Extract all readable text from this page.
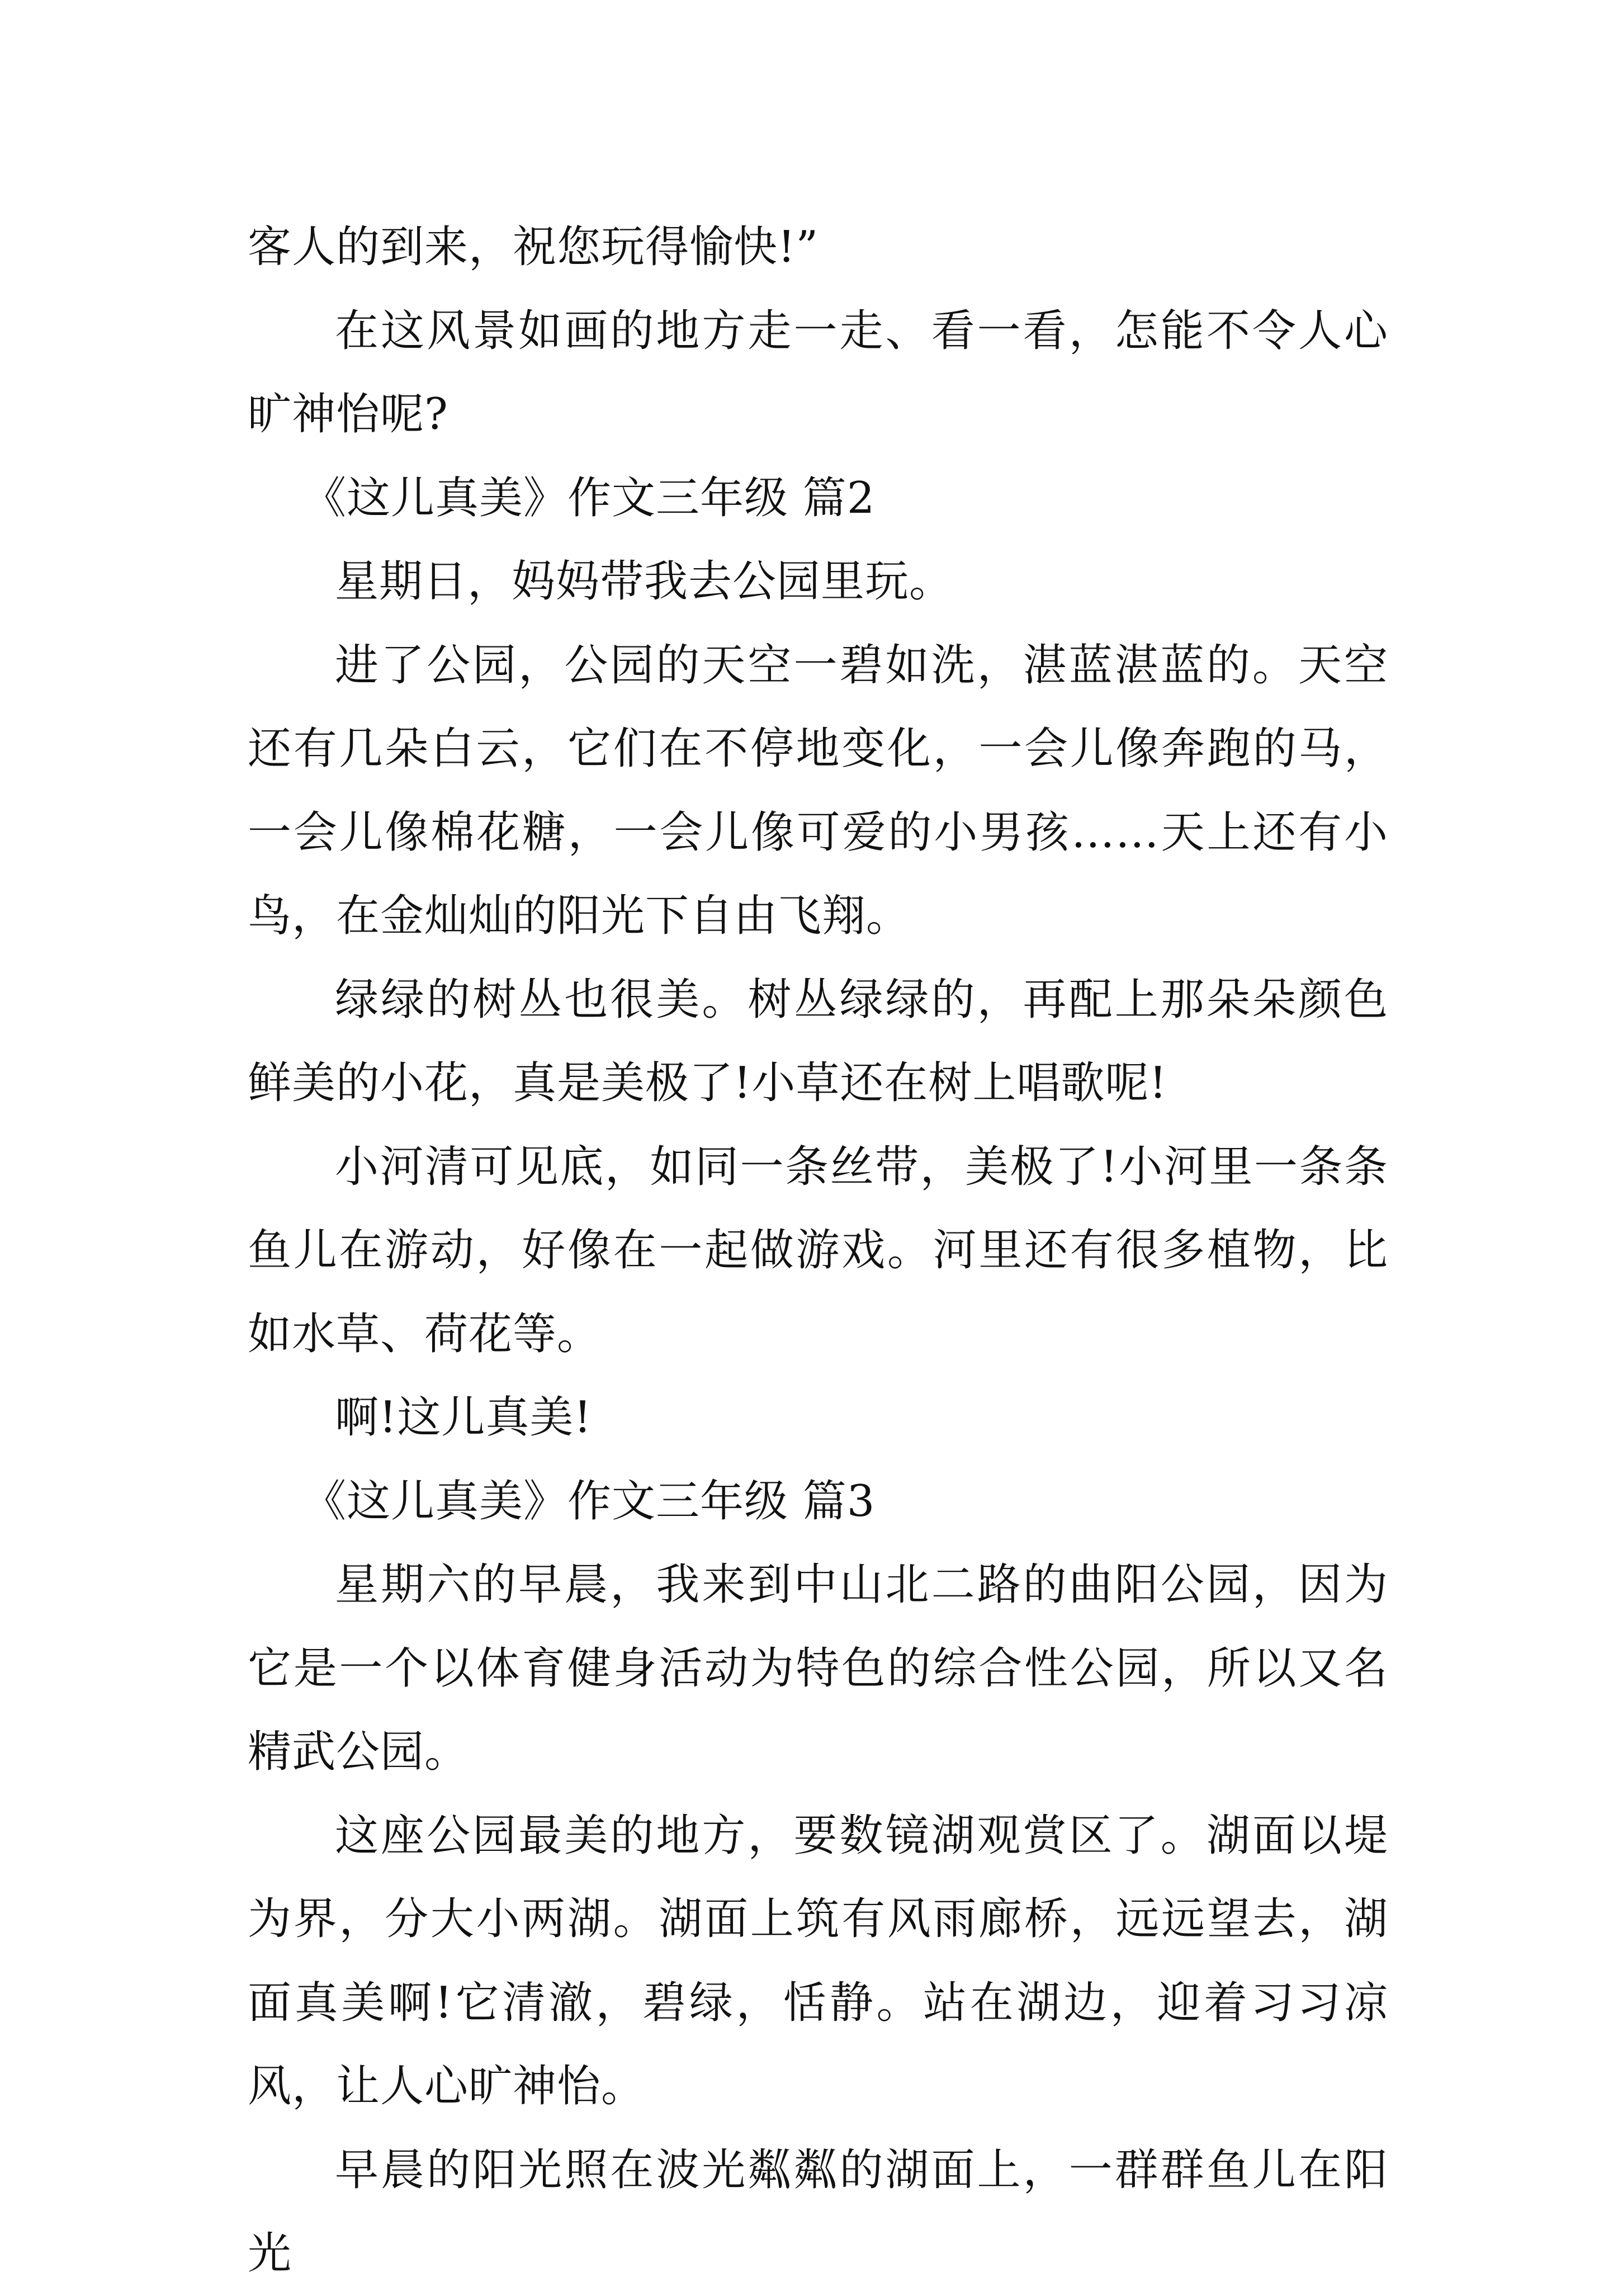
客人的到来，祝您玩得愉快!”

在这风景如画的地方走一走、看一看，怎能不令人心旷神怡呢?

《这儿真美》作文三年级 篇2

星期日，妈妈带我去公园里玩。

进了公园，公园的天空一碧如洗，湛蓝湛蓝的。天空还有几朵白云，它们在不停地变化，一会儿像奔跑的马，一会儿像棉花糖，一会儿像可爱的小男孩……天上还有小鸟，在金灿灿的阳光下自由飞翔。

绿绿的树丛也很美。树丛绿绿的，再配上那朵朵颜色鲜美的小花，真是美极了!小草还在树上唱歌呢!

小河清可见底，如同一条丝带，美极了!小河里一条条鱼儿在游动，好像在一起做游戏。河里还有很多植物，比如水草、荷花等。

啊!这儿真美!

《这儿真美》作文三年级 篇3

星期六的早晨，我来到中山北二路的曲阳公园，因为它是一个以体育健身活动为特色的综合性公园，所以又名精武公园。

这座公园最美的地方，要数镜湖观赏区了。湖面以堤为界，分大小两湖。湖面上筑有风雨廊桥，远远望去，湖面真美啊!它清澈，碧绿，恬静。站在湖边，迎着习习凉风，让人心旷神怡。

早晨的阳光照在波光粼粼的湖面上，一群群鱼儿在阳光
